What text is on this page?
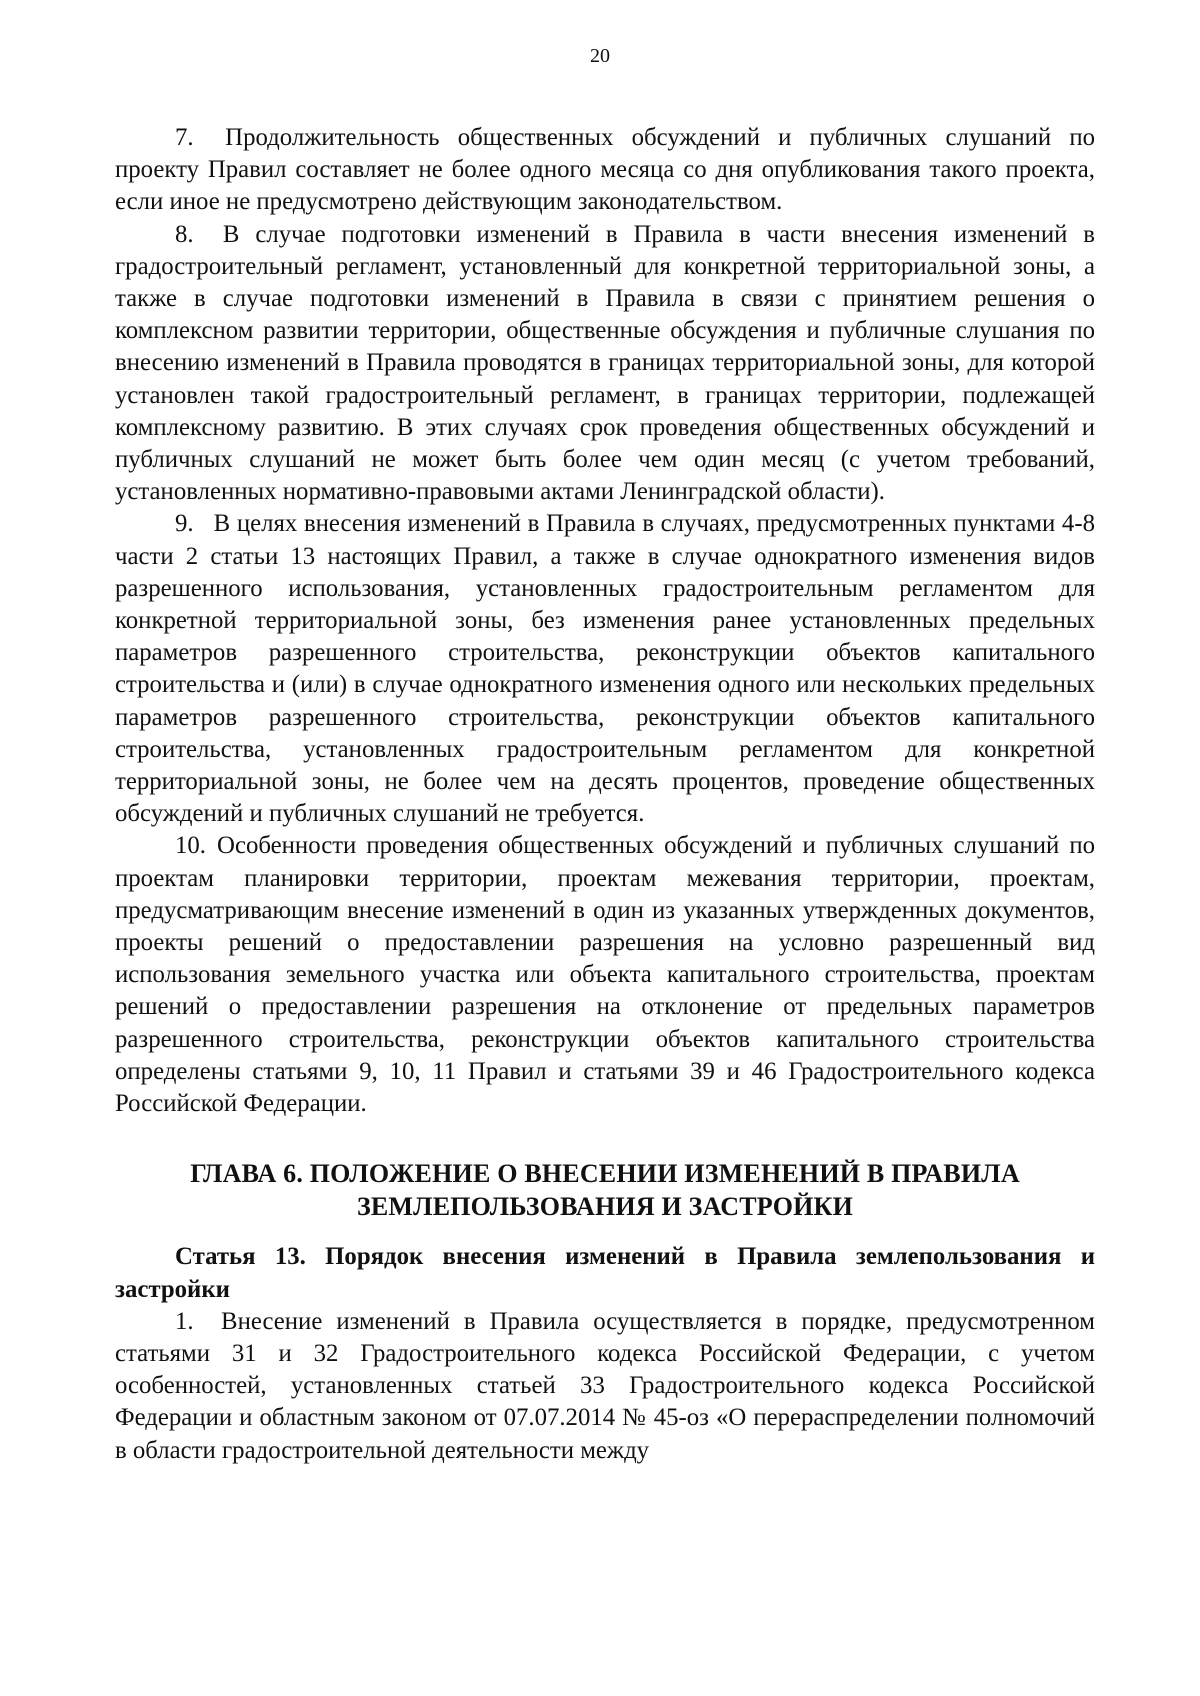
20

7. Продолжительность общественных обсуждений и публичных слушаний по проекту Правил составляет не более одного месяца со дня опубликования такого проекта, если иное не предусмотрено действующим законодательством.

8. В случае подготовки изменений в Правила в части внесения изменений в градостроительный регламент, установленный для конкретной территориальной зоны, а также в случае подготовки изменений в Правила в связи с принятием решения о комплексном развитии территории, общественные обсуждения и публичные слушания по внесению изменений в Правила проводятся в границах территориальной зоны, для которой установлен такой градостроительный регламент, в границах территории, подлежащей комплексному развитию. В этих случаях срок проведения общественных обсуждений и публичных слушаний не может быть более чем один месяц (с учетом требований, установленных нормативно-правовыми актами Ленинградской области).

9. В целях внесения изменений в Правила в случаях, предусмотренных пунктами 4-8 части 2 статьи 13 настоящих Правил, а также в случае однократного изменения видов разрешенного использования, установленных градостроительным регламентом для конкретной территориальной зоны, без изменения ранее установленных предельных параметров разрешенного строительства, реконструкции объектов капитального строительства и (или) в случае однократного изменения одного или нескольких предельных параметров разрешенного строительства, реконструкции объектов капитального строительства, установленных градостроительным регламентом для конкретной территориальной зоны, не более чем на десять процентов, проведение общественных обсуждений и публичных слушаний не требуется.

10. Особенности проведения общественных обсуждений и публичных слушаний по проектам планировки территории, проектам межевания территории, проектам, предусматривающим внесение изменений в один из указанных утвержденных документов, проекты решений о предоставлении разрешения на условно разрешенный вид использования земельного участка или объекта капитального строительства, проектам решений о предоставлении разрешения на отклонение от предельных параметров разрешенного строительства, реконструкции объектов капитального строительства определены статьями 9, 10, 11 Правил и статьями 39 и 46 Градостроительного кодекса Российской Федерации.

ГЛАВА 6. ПОЛОЖЕНИЕ О ВНЕСЕНИИ ИЗМЕНЕНИЙ В ПРАВИЛА
ЗЕМЛЕПОЛЬЗОВАНИЯ И ЗАСТРОЙКИ

Статья 13. Порядок внесения изменений в Правила землепользования и застройки

1. Внесение изменений в Правила осуществляется в порядке, предусмотренном статьями 31 и 32 Градостроительного кодекса Российской Федерации, с учетом особенностей, установленных статьей 33 Градостроительного кодекса Российской Федерации и областным законом от 07.07.2014 № 45-оз «О перераспределении полномочий в области градостроительной деятельности между
